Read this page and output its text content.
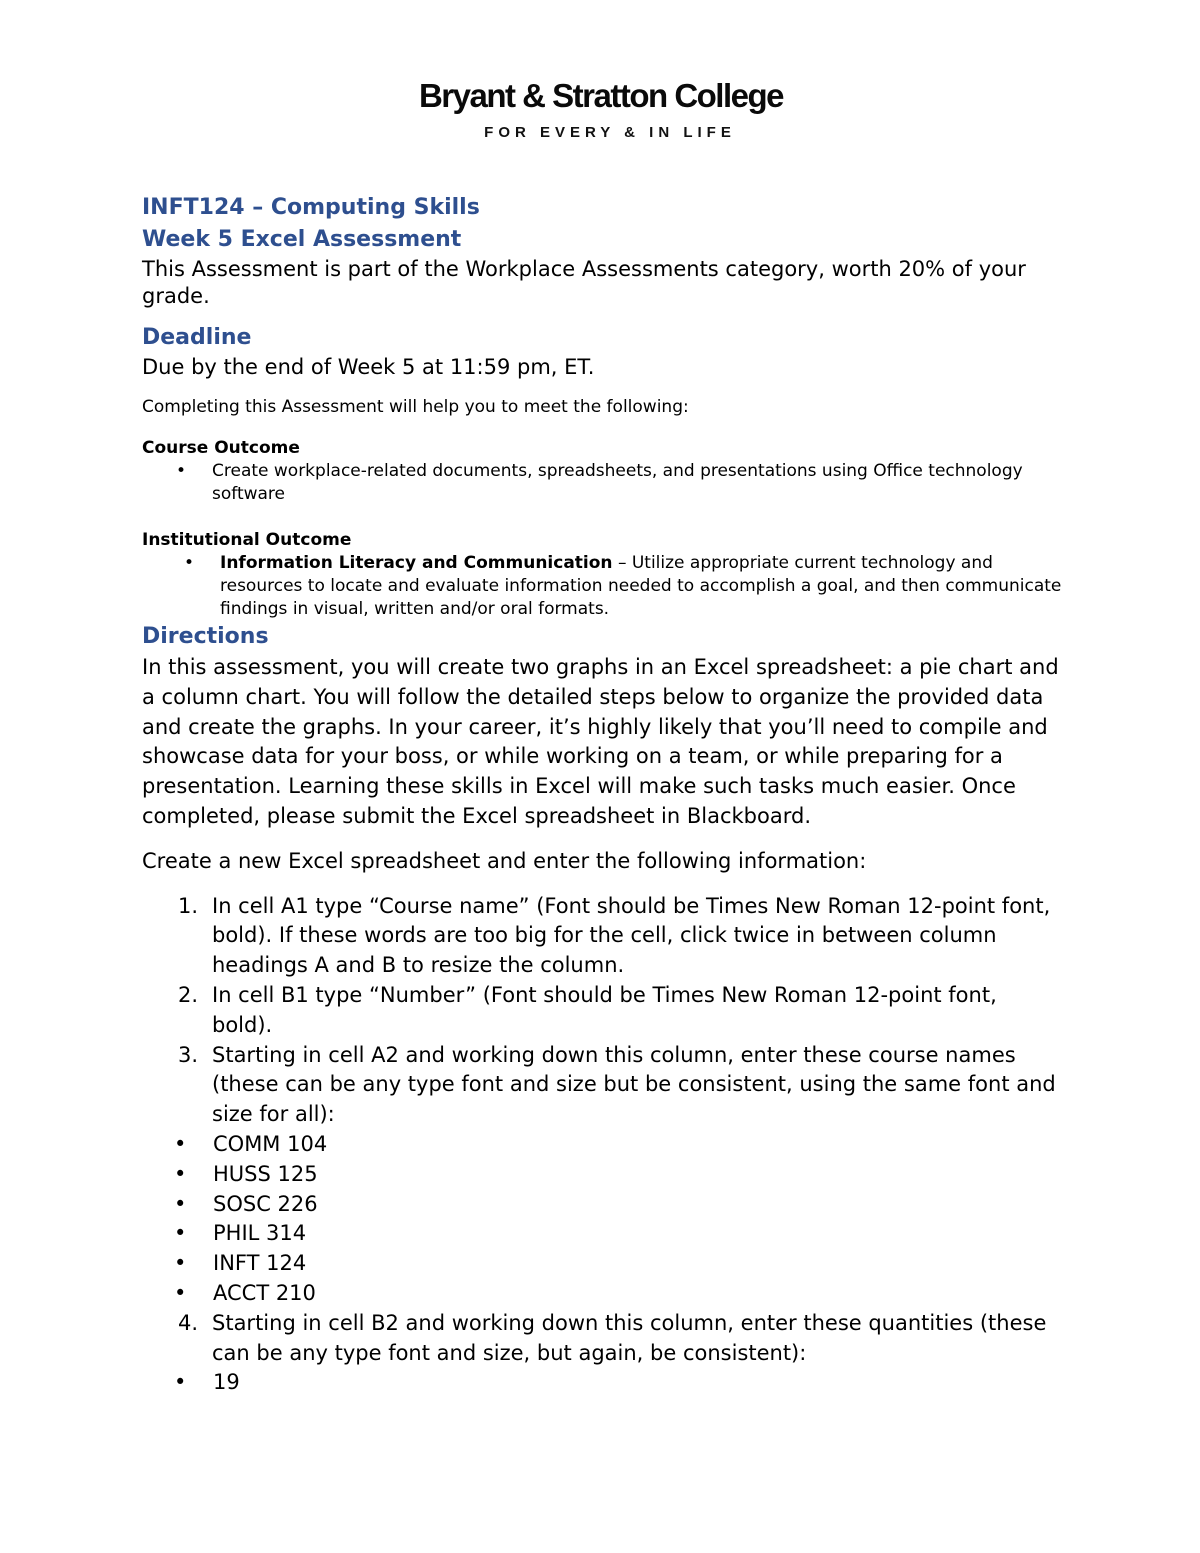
Bryant & Stratton College
FOR EVERY & IN LIFE
INFT124 – Computing Skills
Week 5 Excel Assessment

This Assessment is part of the Workplace Assessments category, worth 20% of your grade.

Deadline

Due by the end of Week 5 at 11:59 pm, ET.

Completing this Assessment will help you to meet the following:

Course Outcome

• Create workplace-related documents, spreadsheets, and presentations using Office technology software

Institutional Outcome

• Information Literacy and Communication – Utilize appropriate current technology and resources to locate and evaluate information needed to accomplish a goal, and then communicate findings in visual, written and/or oral formats.
Directions

In this assessment, you will create two graphs in an Excel spreadsheet: a pie chart and a column chart. You will follow the detailed steps below to organize the provided data and create the graphs. In your career, it’s highly likely that you’ll need to compile and showcase data for your boss, or while working on a team, or while preparing for a presentation. Learning these skills in Excel will make such tasks much easier. Once completed, please submit the Excel spreadsheet in Blackboard.

Create a new Excel spreadsheet and enter the following information:

1. In cell A1 type “Course name” (Font should be Times New Roman 12-point font, bold). If these words are too big for the cell, click twice in between column headings A and B to resize the column.
2. In cell B1 type “Number” (Font should be Times New Roman 12-point font, bold).
3. Starting in cell A2 and working down this column, enter these course names (these can be any type font and size but be consistent, using the same font and size for all):
• COMM 104
• HUSS 125
• SOSC 226
• PHIL 314
• INFT 124
• ACCT 210
4. Starting in cell B2 and working down this column, enter these quantities (these can be any type font and size, but again, be consistent):
• 19
